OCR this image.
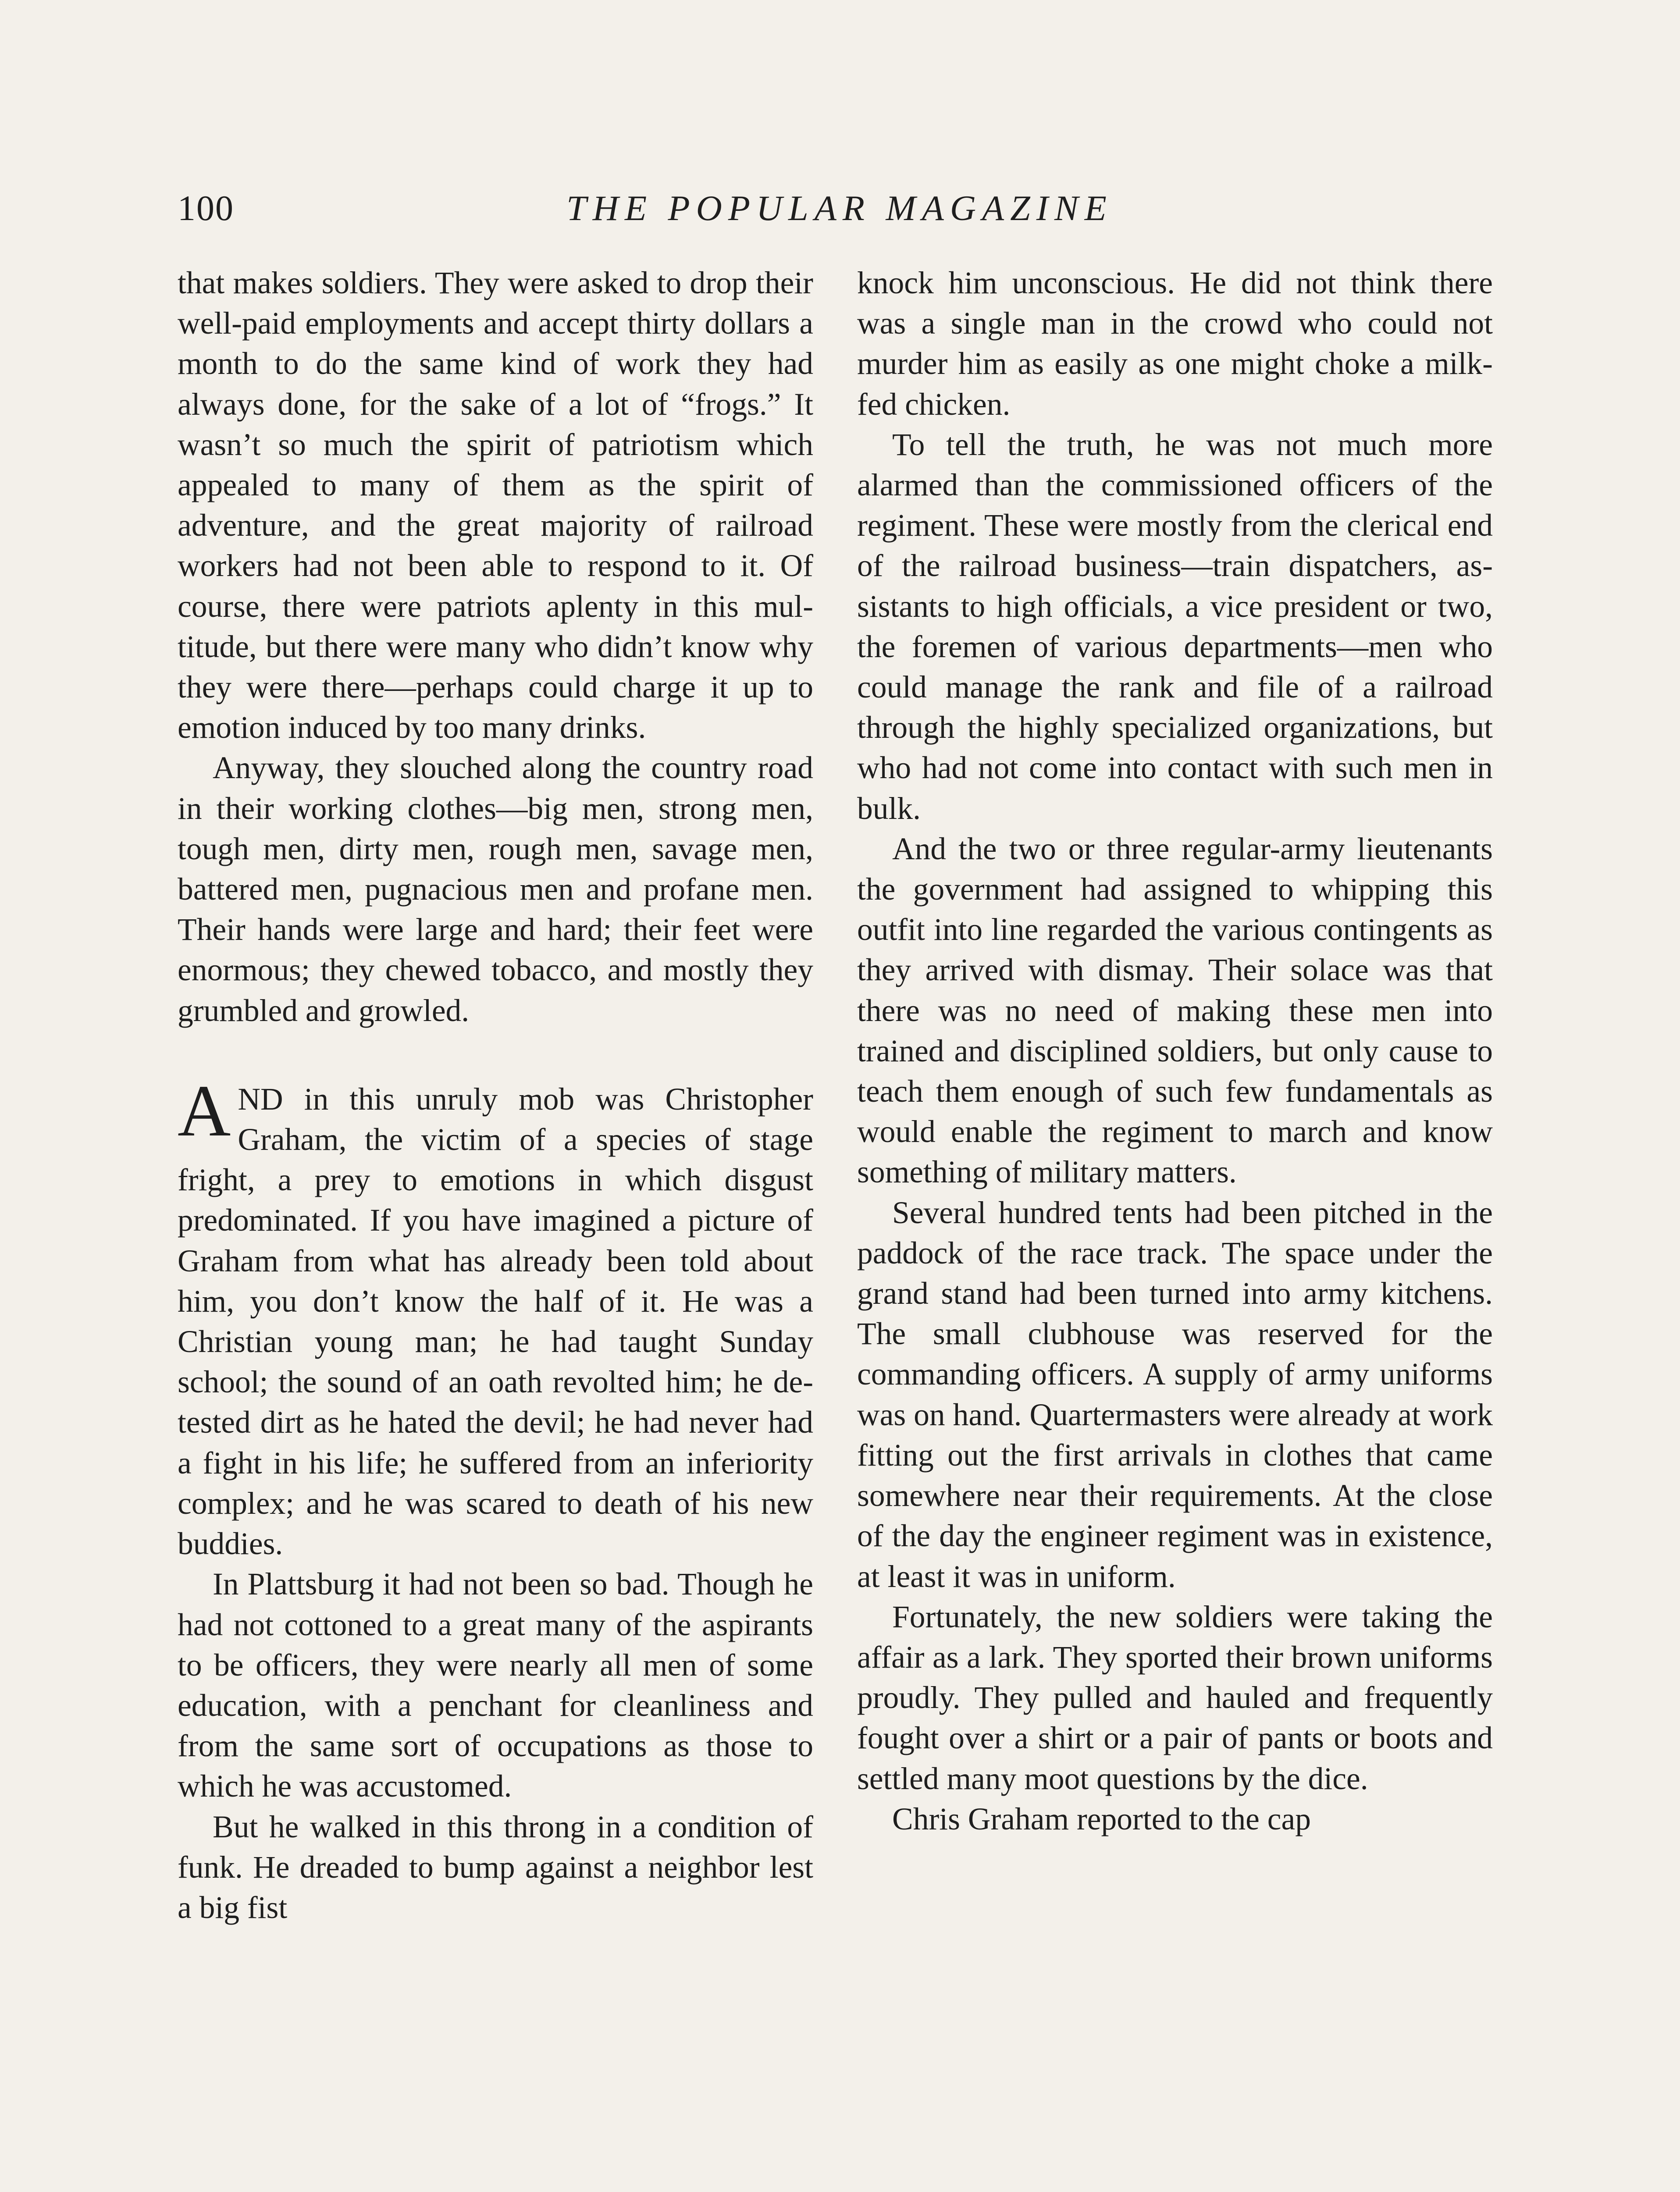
100	THE POPULAR MAGAZINE

that makes soldiers. They were asked to drop their well-paid employments and accept thirty dollars a month to do the same kind of work they had always done, for the sake of a lot of “frogs.” It wasn’t so much the spirit of patriotism which appealed to many of them as the spirit of adventure, and the great majority of railroad workers had not been able to respond to it. Of course, there were patriots aplenty in this multitude, but there were many who didn’t know why they were there—perhaps could charge it up to emotion induced by too many drinks.

Anyway, they slouched along the country road in their working clothes—big men, strong men, tough men, dirty men, rough men, savage men, battered men, pugnacious men and profane men. Their hands were large and hard; their feet were enormous; they chewed tobacco, and mostly they grumbled and growled.

AND in this unruly mob was Christopher Graham, the victim of a species of stage fright, a prey to emotions in which disgust predominated. If you have imagined a picture of Graham from what has already been told about him, you don’t know the half of it. He was a Christian young man; he had taught Sunday school; the sound of an oath revolted him; he detested dirt as he hated the devil; he had never had a fight in his life; he suffered from an inferiority complex; and he was scared to death of his new buddies.

In Plattsburg it had not been so bad. Though he had not cottoned to a great many of the aspirants to be officers, they were nearly all men of some education, with a penchant for cleanliness and from the same sort of occupations as those to which he was accustomed.

But he walked in this throng in a condition of funk. He dreaded to bump against a neighbor lest a big fist

knock him unconscious. He did not think there was a single man in the crowd who could not murder him as easily as one might choke a milk-fed chicken.

To tell the truth, he was not much more alarmed than the commissioned officers of the regiment. These were mostly from the clerical end of the railroad business—train dispatchers, assistants to high officials, a vice president or two, the foremen of various departments—men who could manage the rank and file of a railroad through the highly specialized organizations, but who had not come into contact with such men in bulk.

And the two or three regular-army lieutenants the government had assigned to whipping this outfit into line regarded the various contingents as they arrived with dismay. Their solace was that there was no need of making these men into trained and disciplined soldiers, but only cause to teach them enough of such few fundamentals as would enable the regiment to march and know something of military matters.

Several hundred tents had been pitched in the paddock of the race track. The space under the grand stand had been turned into army kitchens. The small clubhouse was reserved for the commanding officers. A supply of army uniforms was on hand. Quartermasters were already at work fitting out the first arrivals in clothes that came somewhere near their requirements. At the close of the day the engineer regiment was in existence, at least it was in uniform.

Fortunately, the new soldiers were taking the affair as a lark. They sported their brown uniforms proudly. They pulled and hauled and frequently fought over a shirt or a pair of pants or boots and settled many moot questions by the dice.

Chris Graham reported to the cap
